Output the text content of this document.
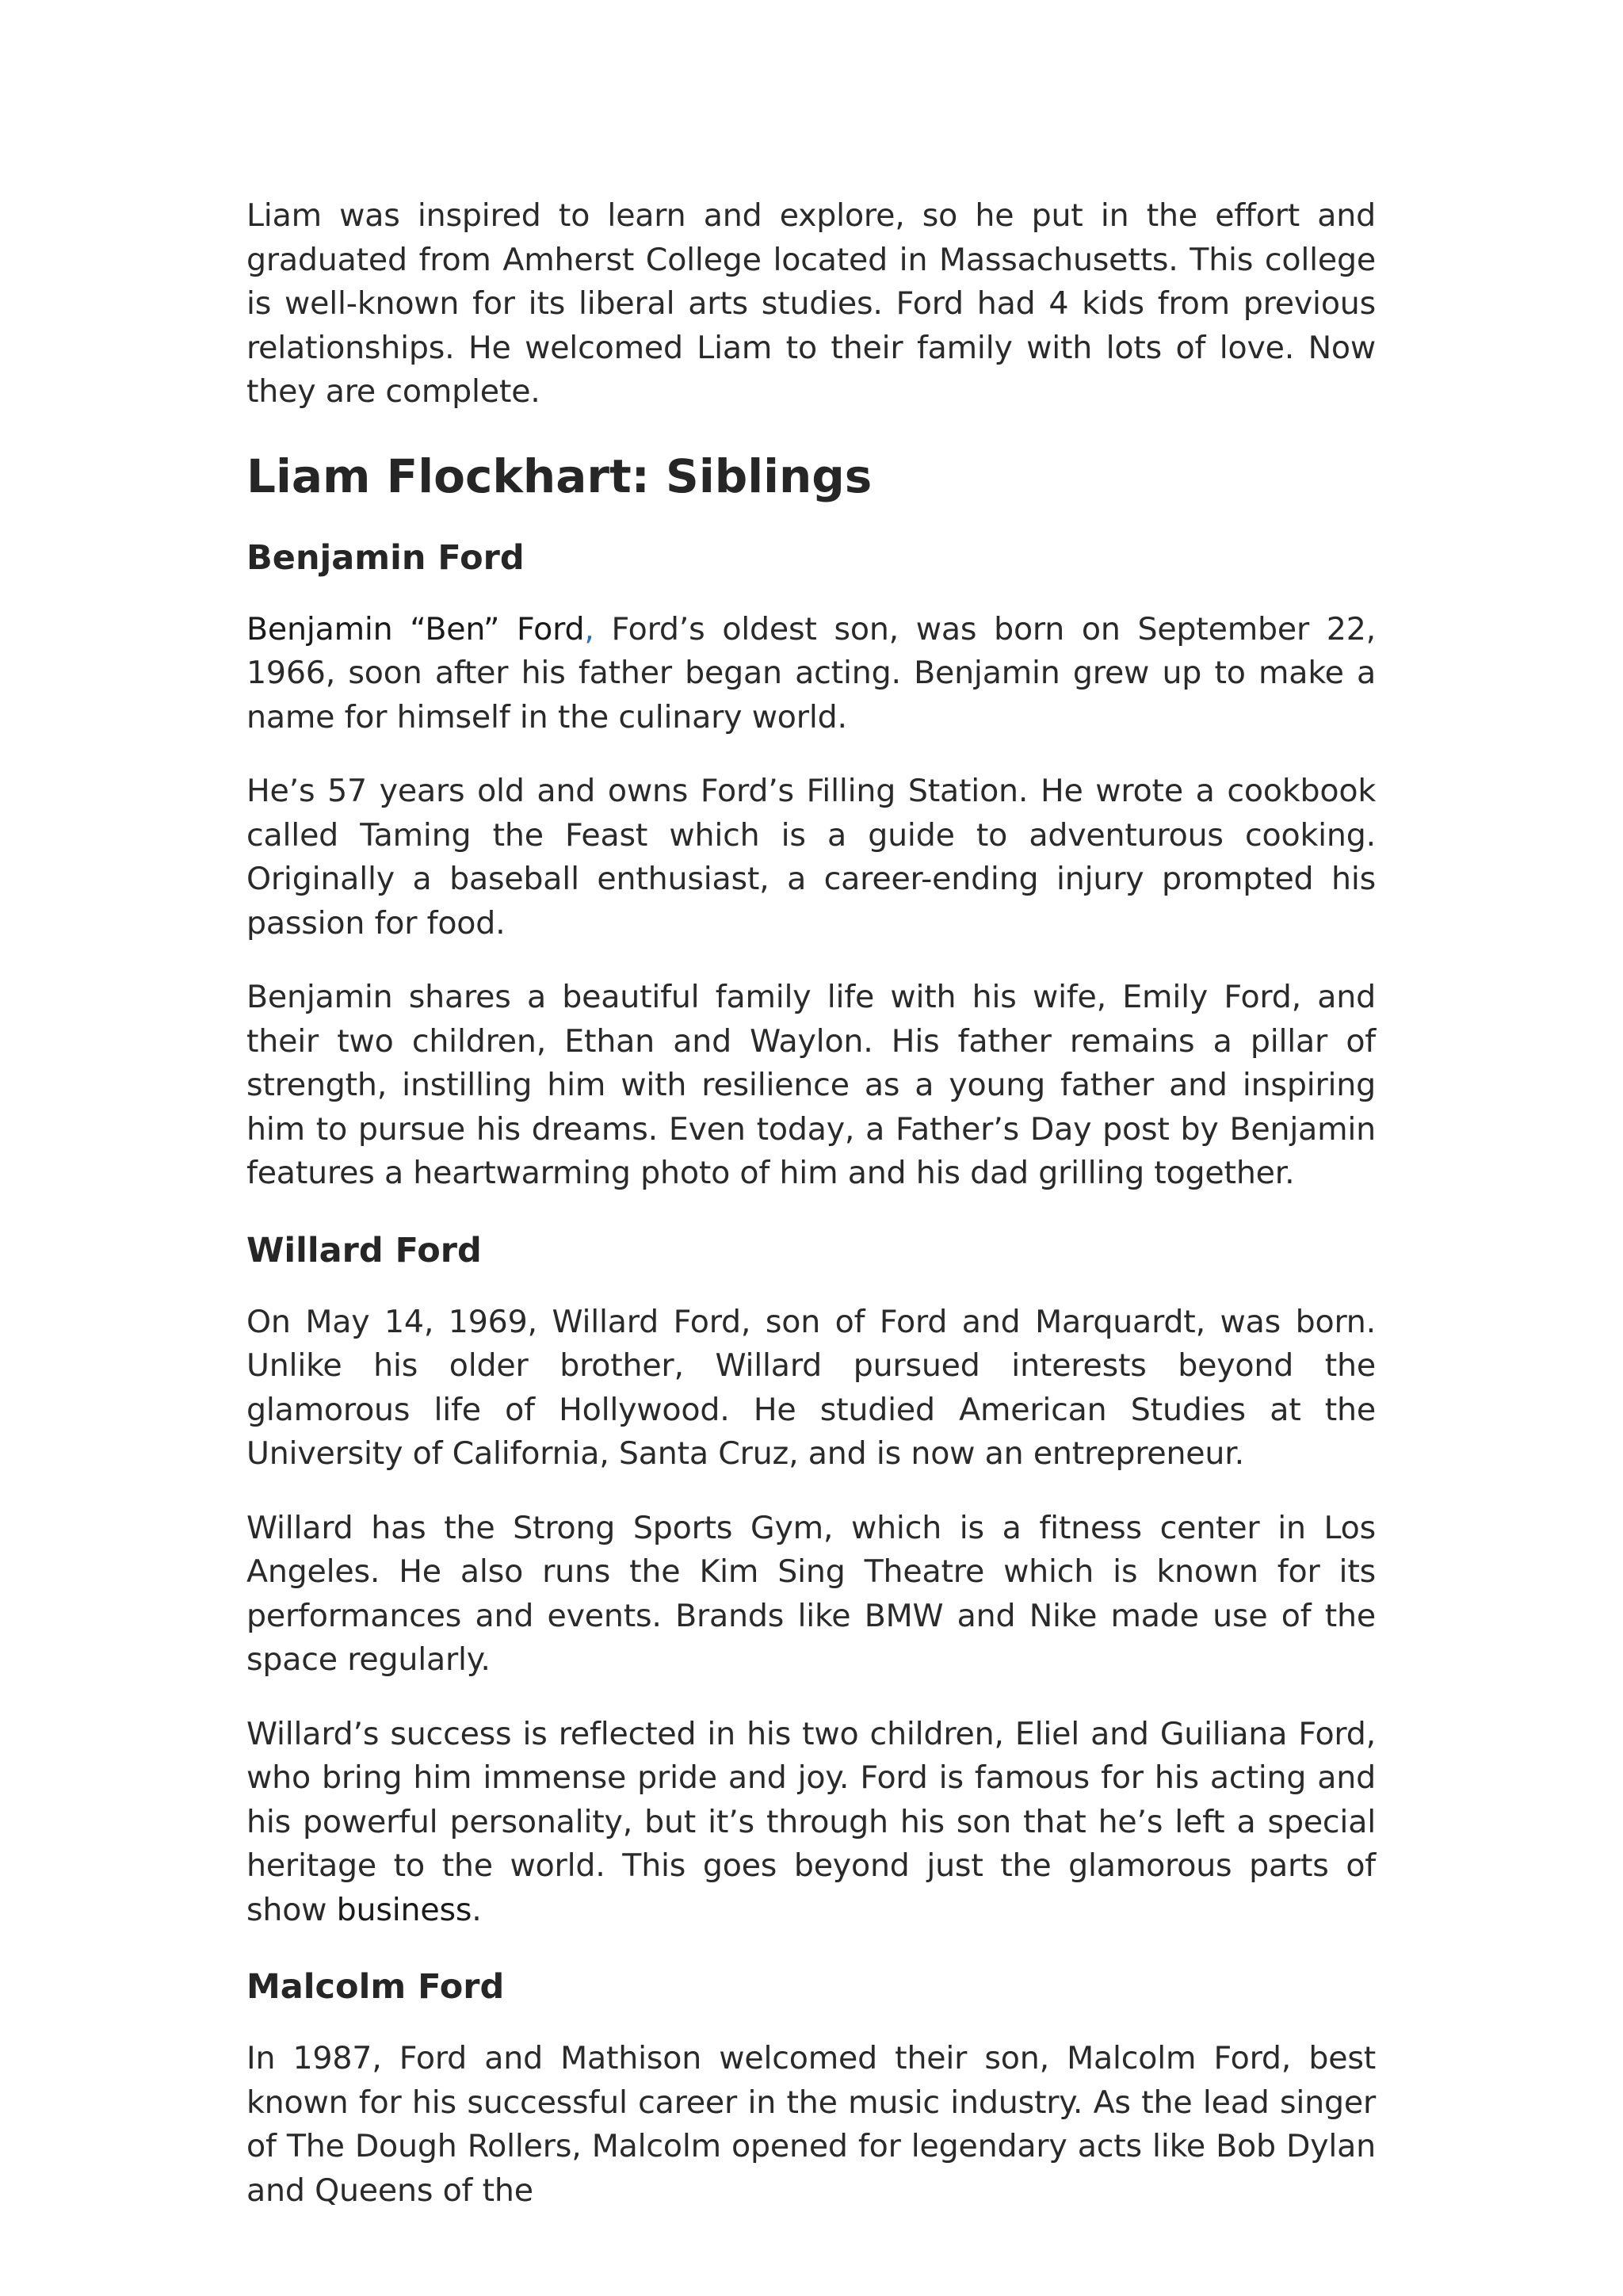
Liam was inspired to learn and explore, so he put in the effort and graduated from Amherst College located in Massachusetts. This college is well-known for its liberal arts studies. Ford had 4 kids from previous relationships. He welcomed Liam to their family with lots of love. Now they are complete.

Liam Flockhart: Siblings
Benjamin Ford

Benjamin “Ben” Ford, Ford’s oldest son, was born on September 22, 1966, soon after his father began acting. Benjamin grew up to make a name for himself in the culinary world.

He’s 57 years old and owns Ford’s Filling Station. He wrote a cookbook called Taming the Feast which is a guide to adventurous cooking. Originally a baseball enthusiast, a career-ending injury prompted his passion for food.

Benjamin shares a beautiful family life with his wife, Emily Ford, and their two children, Ethan and Waylon. His father remains a pillar of strength, instilling him with resilience as a young father and inspiring him to pursue his dreams. Even today, a Father’s Day post by Benjamin features a heartwarming photo of him and his dad grilling together.

Willard Ford

On May 14, 1969, Willard Ford, son of Ford and Marquardt, was born. Unlike his older brother, Willard pursued interests beyond the glamorous life of Hollywood. He studied American Studies at the University of California, Santa Cruz, and is now an entrepreneur.

Willard has the Strong Sports Gym, which is a fitness center in Los Angeles. He also runs the Kim Sing Theatre which is known for its performances and events. Brands like BMW and Nike made use of the space regularly.

Willard’s success is reflected in his two children, Eliel and Guiliana Ford, who bring him immense pride and joy. Ford is famous for his acting and his powerful personality, but it’s through his son that he’s left a special heritage to the world. This goes beyond just the glamorous parts of show business.

Malcolm Ford

In 1987, Ford and Mathison welcomed their son, Malcolm Ford, best known for his successful career in the music industry. As the lead singer of The Dough Rollers, Malcolm opened for legendary acts like Bob Dylan and Queens of the
